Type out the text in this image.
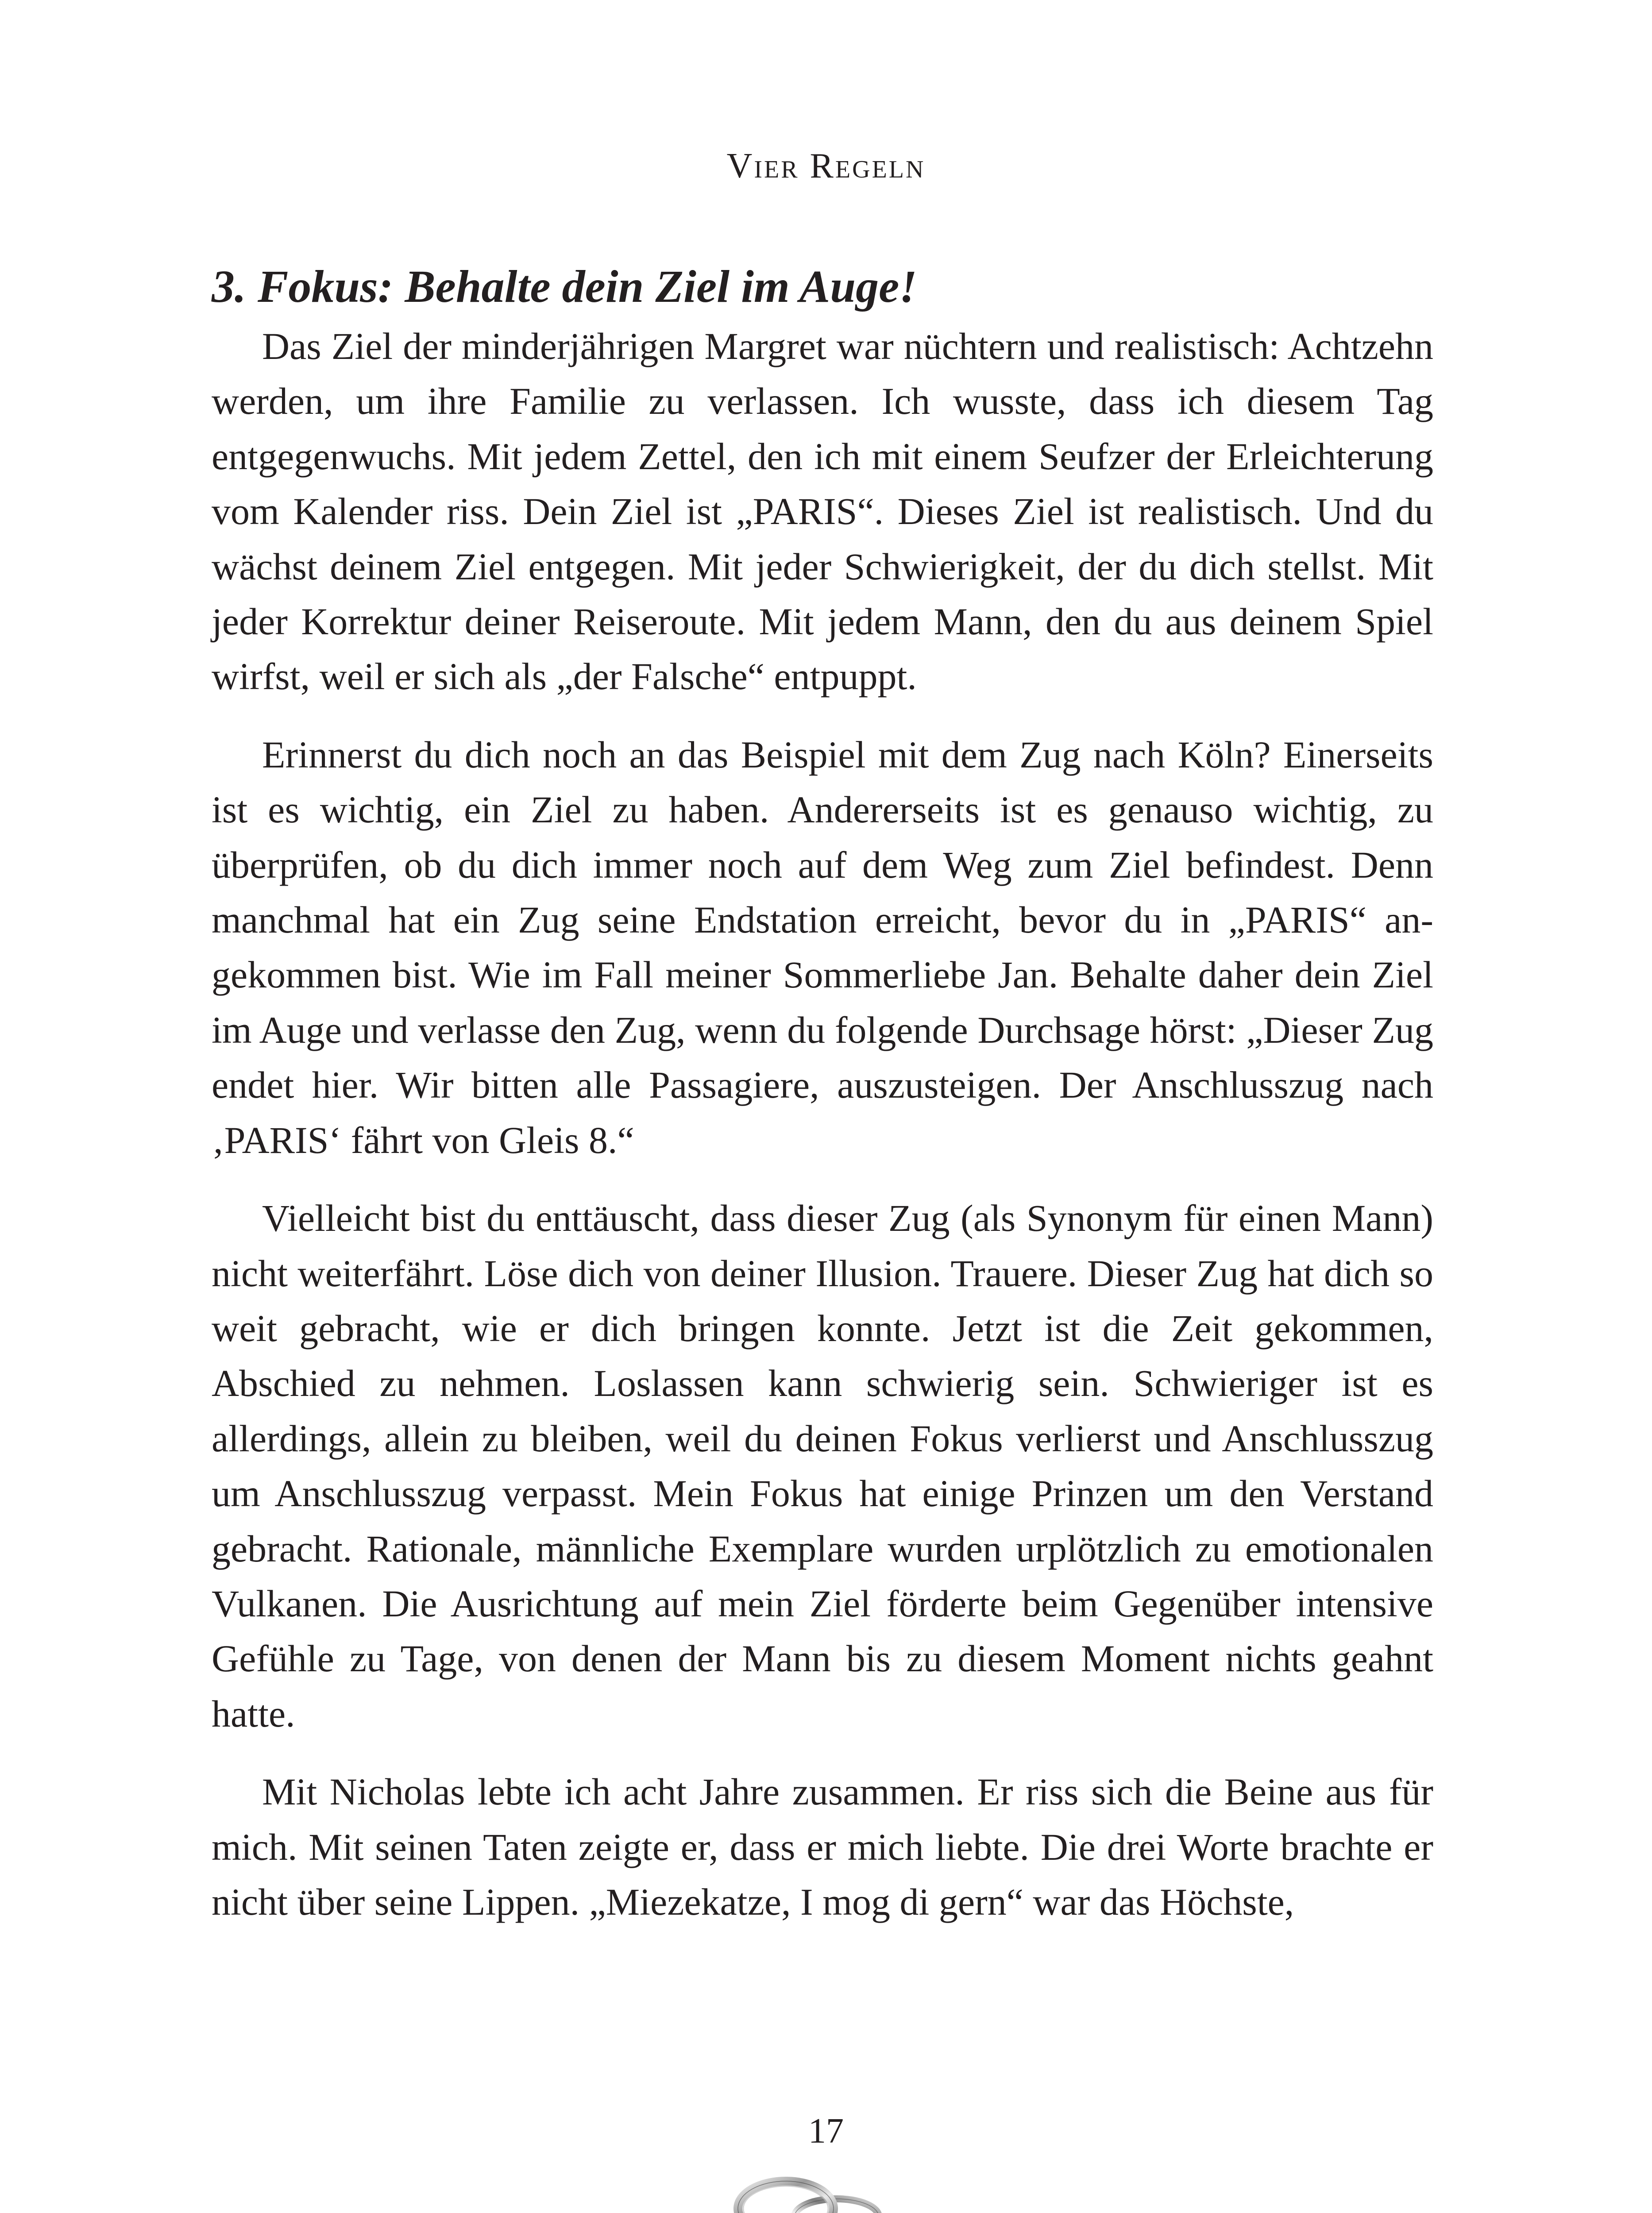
Vier Regeln
3. Fokus: Behalte dein Ziel im Auge!

Das Ziel der minderjährigen Margret war nüchtern und realistisch: Achtzehn werden, um ihre Familie zu verlassen. Ich wusste, dass ich diesem Tag entgegenwuchs. Mit jedem Zettel, den ich mit einem Seufzer der Erleichterung vom Kalender riss. Dein Ziel ist „PARIS“. Dieses Ziel ist realistisch. Und du wächst deinem Ziel entgegen. Mit jeder Schwierigkeit, der du dich stellst. Mit jeder Korrektur deiner Reiseroute. Mit jedem Mann, den du aus deinem Spiel wirfst, weil er sich als „der Falsche“ entpuppt.

Erinnerst du dich noch an das Beispiel mit dem Zug nach Köln? Einerseits ist es wichtig, ein Ziel zu haben. Andererseits ist es genauso wichtig, zu überprüfen, ob du dich immer noch auf dem Weg zum Ziel befindest. Denn manchmal hat ein Zug seine Endstation erreicht, bevor du in „PARIS“ angekommen bist. Wie im Fall meiner Sommerliebe Jan. Behalte daher dein Ziel im Auge und verlasse den Zug, wenn du folgende Durchsage hörst: „Dieser Zug endet hier. Wir bitten alle Passagiere, auszusteigen. Der Anschlusszug nach ‚PARIS‘ fährt von Gleis 8.“

Vielleicht bist du enttäuscht, dass dieser Zug (als Synonym für einen Mann) nicht weiterfährt. Löse dich von deiner Illusion. Trauere. Dieser Zug hat dich so weit gebracht, wie er dich bringen konnte. Jetzt ist die Zeit gekommen, Abschied zu nehmen. Loslassen kann schwierig sein. Schwieriger ist es allerdings, allein zu bleiben, weil du deinen Fokus verlierst und Anschlusszug um Anschlusszug verpasst. Mein Fokus hat einige Prinzen um den Verstand gebracht. Rationale, männliche Exemplare wurden urplötzlich zu emotionalen Vulkanen. Die Ausrichtung auf mein Ziel förderte beim Gegenüber intensive Gefühle zu Tage, von denen der Mann bis zu diesem Moment nichts geahnt hatte.

Mit Nicholas lebte ich acht Jahre zusammen. Er riss sich die Beine aus für mich. Mit seinen Taten zeigte er, dass er mich liebte. Die drei Worte brachte er nicht über seine Lippen. „Miezekatze, I mog di gern“ war das Höchste,

17
